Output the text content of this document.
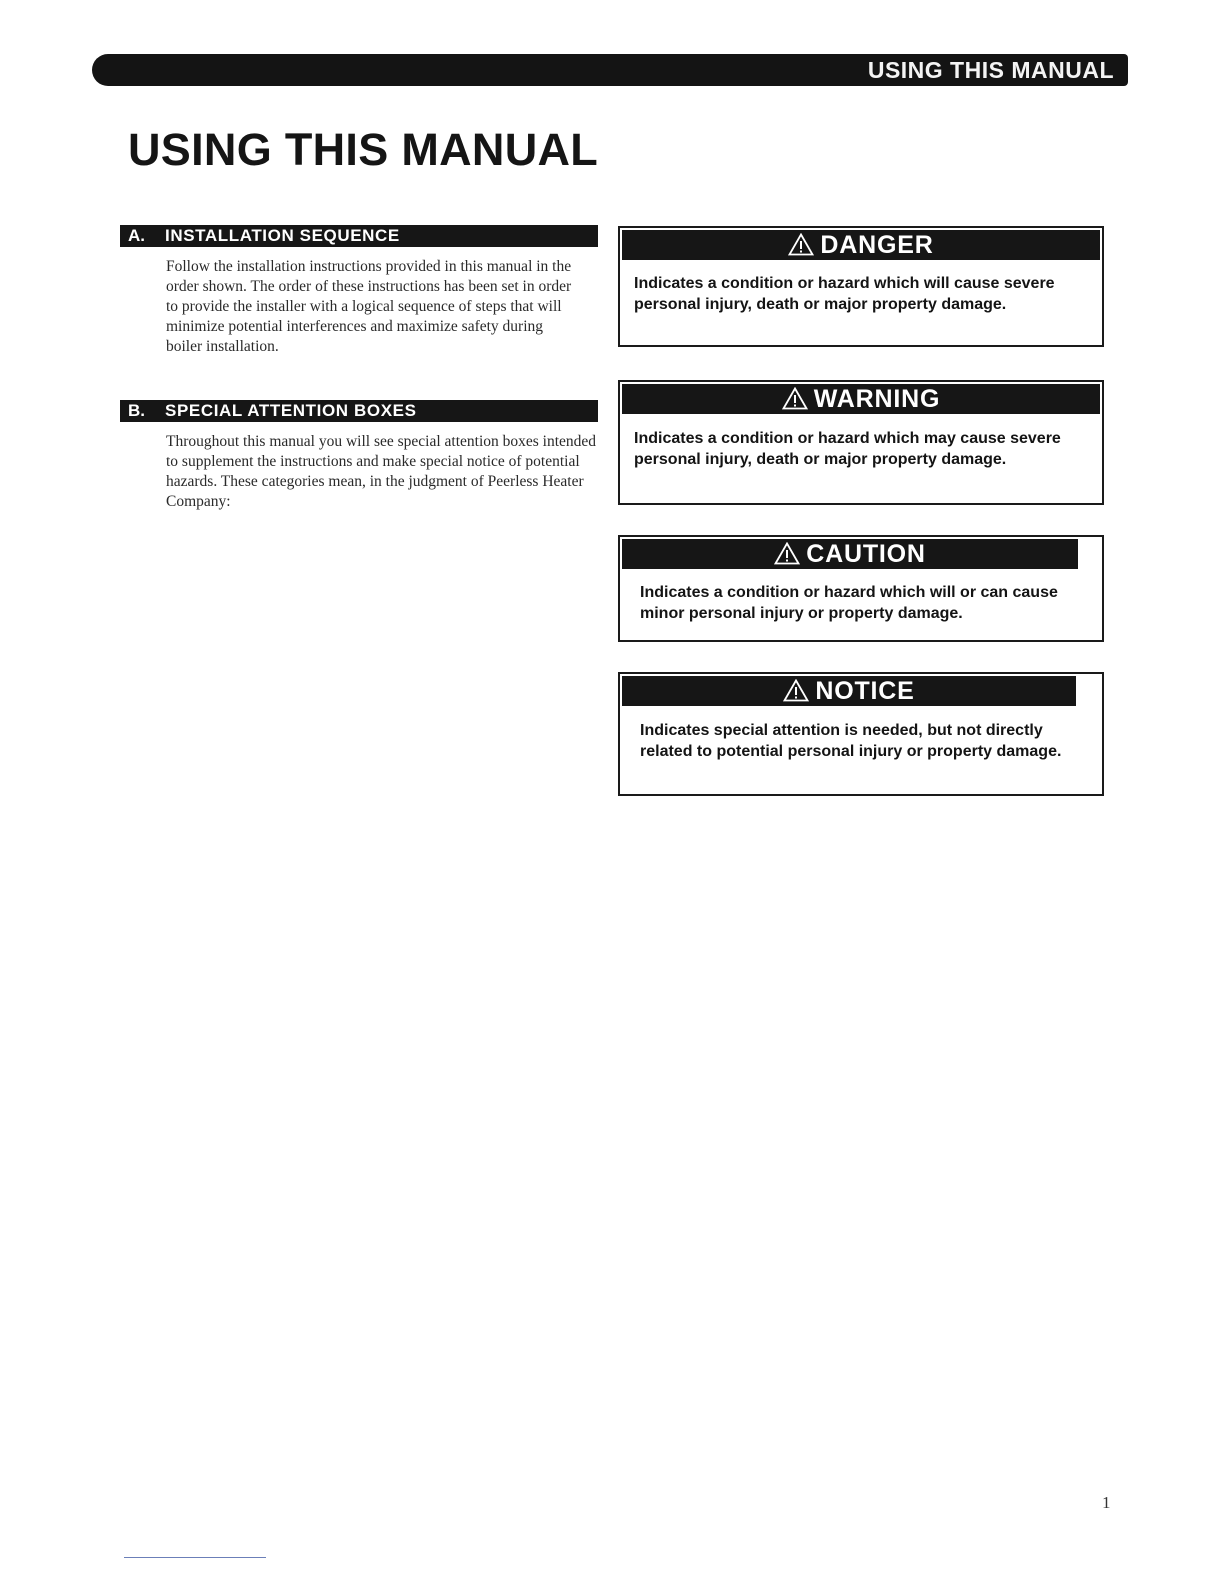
USING THIS MANUAL
USING THIS MANUAL
A. INSTALLATION SEQUENCE

Follow the installation instructions provided in this manual in the order shown. The order of these instructions has been set in order to provide the installer with a logical sequence of steps that will minimize potential interferences and maximize safety during boiler installation.

B. SPECIAL ATTENTION BOXES

Throughout this manual you will see special attention boxes intended to supplement the instructions and make special notice of potential hazards. These categories mean, in the judgment of Peerless Heater Company:

DANGER

Indicates a condition or hazard which will cause severe personal injury, death or major property damage.

WARNING

Indicates a condition or hazard which may cause severe personal injury, death or major property damage.

CAUTION

Indicates a condition or hazard which will or can cause minor personal injury or property damage.

NOTICE

Indicates special attention is needed, but not directly related to potential personal injury or property damage.

1
